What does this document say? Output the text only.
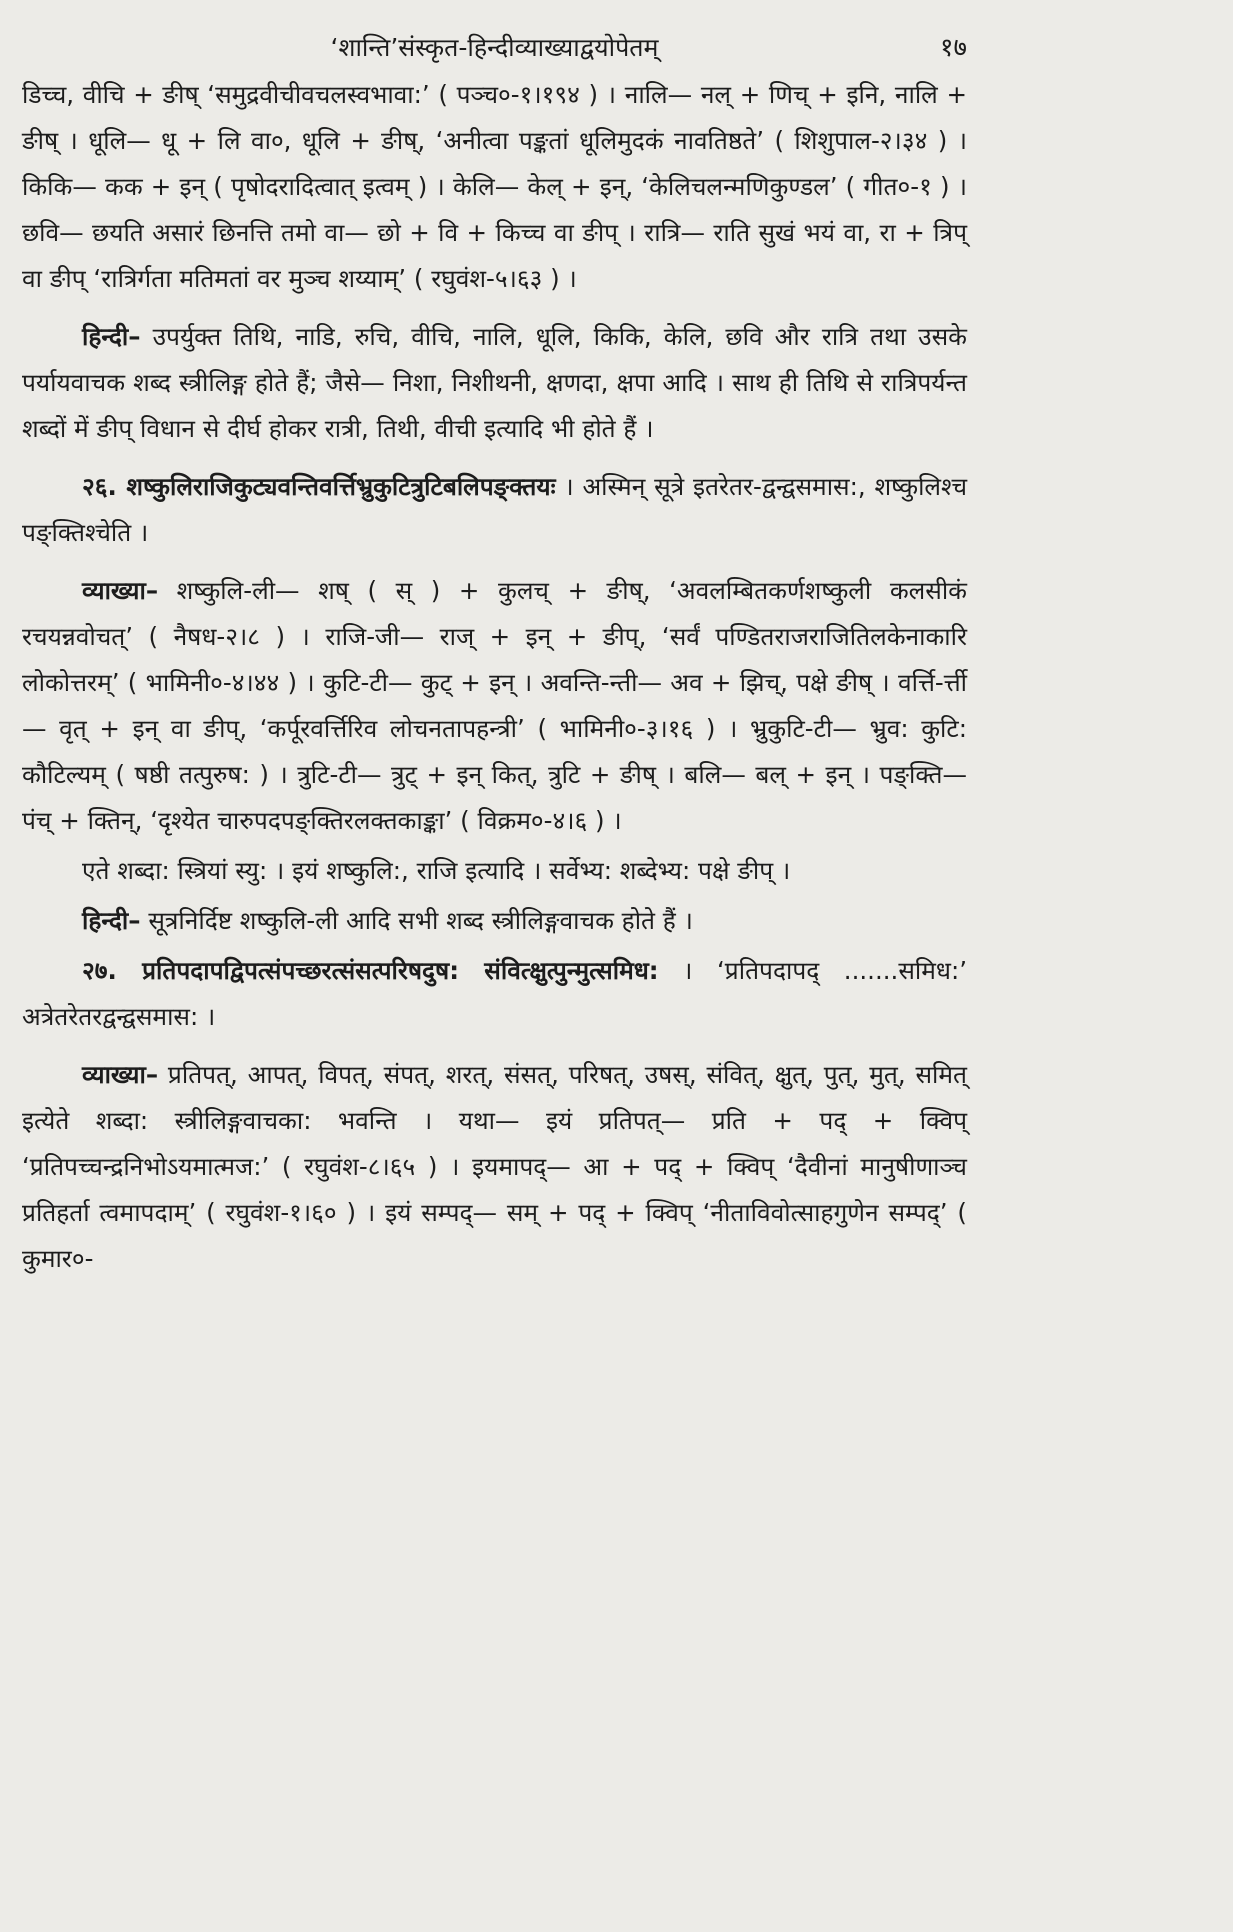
‘शान्ति’संस्कृत-हिन्दीव्याख्याद्वयोपेतम्	१७

डिच्च, वीचि + ङीष् ‘समुद्रवीचीवचलस्वभावा:’ ( पञ्च०-१।१९४ ) । नालि— नल् + णिच् + इनि, नालि + ङीष् । धूलि— धू + लि वा०, धूलि + ङीष्, ‘अनीत्वा पङ्कतां धूलिमुदकं नावतिष्ठते’ ( शिशुपाल-२।३४ ) । किकि— कक + इन् ( पृषोदरादित्वात् इत्वम् ) । केलि— केल् + इन्, ‘केलिचलन्मणिकुण्डल’ ( गीत०-१ ) । छवि— छयति असारं छिनत्ति तमो वा— छो + वि + किच्च वा ङीप् । रात्रि— राति सुखं भयं वा, रा + त्रिप् वा ङीप् ‘रात्रिर्गता मतिमतां वर मुञ्च शय्याम्’ ( रघुवंश-५।६३ ) ।

हिन्दी– उपर्युक्त तिथि, नाडि, रुचि, वीचि, नालि, धूलि, किकि, केलि, छवि और रात्रि तथा उसके पर्यायवाचक शब्द स्त्रीलिङ्ग होते हैं; जैसे— निशा, निशीथनी, क्षणदा, क्षपा आदि । साथ ही तिथि से रात्रिपर्यन्त शब्दों में ङीप् विधान से दीर्घ होकर रात्री, तिथी, वीची इत्यादि भी होते हैं ।

२६. शष्कुलिराजिकुट्यवन्तिवर्त्तिभ्रुकुटित्रुटिबलिपङ्क्तयः । अस्मिन् सूत्रे इतरेतर-द्वन्द्वसमास:, शष्कुलिश्च पङ्क्तिश्चेति ।

व्याख्या– शष्कुलि-ली— शष् ( स् ) + कुलच् + ङीष्, ‘अवलम्बितकर्णशष्कुली कलसीकं रचयन्नवोचत्’ ( नैषध-२।८ ) । राजि-जी— राज् + इन् + ङीप्, ‘सर्वं पण्डितराजराजितिलकेनाकारि लोकोत्तरम्’ ( भामिनी०-४।४४ ) । कुटि-टी— कुट् + इन् । अवन्ति-न्ती— अव + झिच्, पक्षे ङीष् । वर्त्ति-र्त्ती— वृत् + इन् वा ङीप्, ‘कर्पूरवर्त्तिरिव लोचनतापहन्त्री’ ( भामिनी०-३।१६ ) । भ्रुकुटि-टी— भ्रुव: कुटि: कौटिल्यम् ( षष्ठी तत्पुरुष: ) । त्रुटि-टी— त्रुट् + इन् कित्, त्रुटि + ङीष् । बलि— बल् + इन् । पङ्क्ति— पंच् + क्तिन्, ‘दृश्येत चारुपदपङ्क्तिरलक्तकाङ्का’ ( विक्रम०-४।६ ) ।

एते शब्दा: स्त्रियां स्यु: । इयं शष्कुलि:, राजि इत्यादि । सर्वेभ्य: शब्देभ्य: पक्षे ङीप् ।

हिन्दी– सूत्रनिर्दिष्ट शष्कुलि-ली आदि सभी शब्द स्त्रीलिङ्गवाचक होते हैं ।

२७. प्रतिपदापद्विपत्संपच्छरत्संसत्परिषदुष: संवित्क्षुत्पुन्मुत्समिध: । ‘प्रतिपदापद् .......समिध:’ अत्रेतरेतरद्वन्द्वसमास: ।

व्याख्या– प्रतिपत्, आपत्, विपत्, संपत्, शरत्, संसत्, परिषत्, उषस्, संवित्, क्षुत्, पुत्, मुत्, समित् इत्येते शब्दा: स्त्रीलिङ्गवाचका: भवन्ति । यथा— इयं प्रतिपत्— प्रति + पद् + क्विप् ‘प्रतिपच्चन्द्रनिभोऽयमात्मज:’ ( रघुवंश-८।६५ ) । इयमापद्— आ + पद् + क्विप् ‘दैवीनां मानुषीणाञ्च प्रतिहर्ता त्वमापदाम्’ ( रघुवंश-१।६० ) । इयं सम्पद्— सम् + पद् + क्विप् ‘नीताविवोत्साहगुणेन सम्पद्’ ( कुमार०-
